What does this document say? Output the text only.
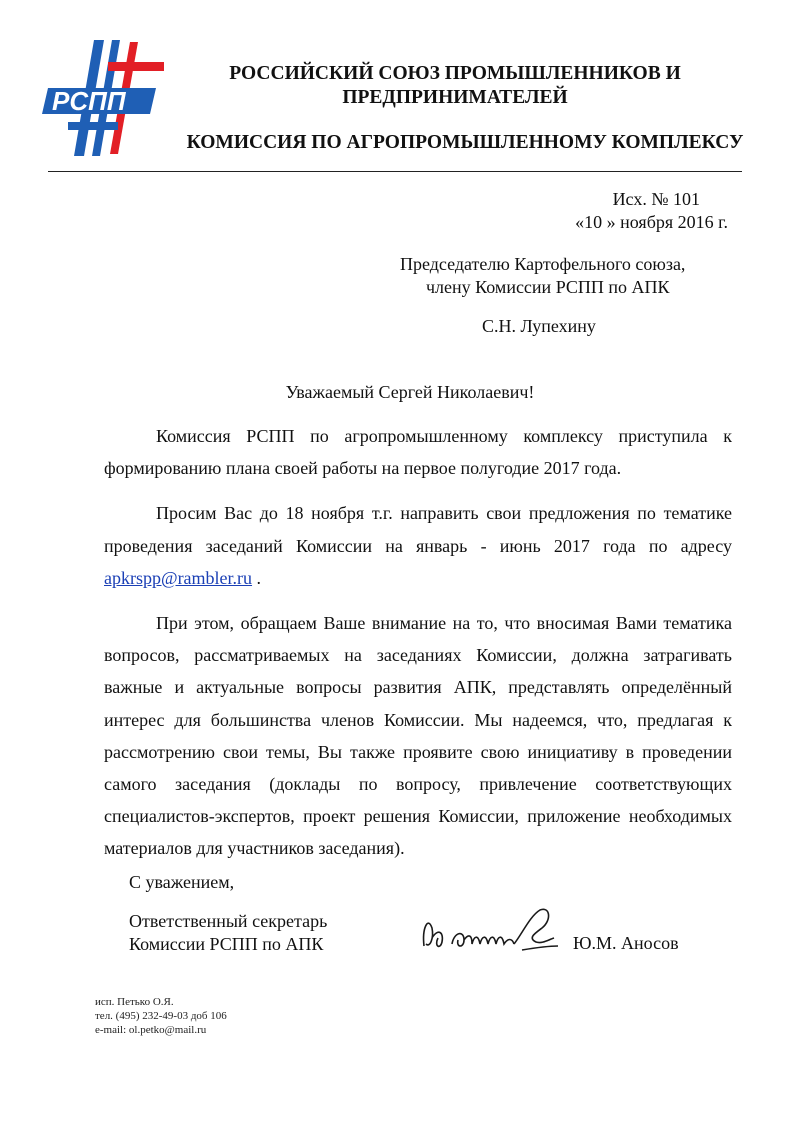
РСПП
РОССИЙСКИЙ СОЮЗ ПРОМЫШЛЕННИКОВ И
ПРЕДПРИНИМАТЕЛЕЙ
КОМИССИЯ ПО АГРОПРОМЫШЛЕННОМУ КОМПЛЕКСУ
Исх. № 101
«10 » ноября 2016 г.
Председателю Картофельного союза,
члену Комиссии РСПП по АПК
С.Н. Лупехину
Уважаемый Сергей Николаевич!

Комиссия РСПП по агропромышленному комплексу приступила к формированию плана своей работы на первое полугодие 2017 года.

Просим Вас до 18 ноября т.г. направить свои предложения по тематике проведения заседаний Комиссии на январь - июнь 2017 года по адресу apkrspp@rambler.ru .

При этом, обращаем Ваше внимание на то, что вносимая Вами тематика вопросов, рассматриваемых на заседаниях Комиссии, должна затрагивать важные и актуальные вопросы развития АПК, представлять определённый интерес для большинства членов Комиссии. Мы надеемся, что, предлагая к рассмотрению свои темы, Вы также проявите свою инициативу в проведении самого заседания (доклады по вопросу, привлечение соответствующих специалистов-экспертов, проект решения Комиссии, приложение необходимых материалов для участников заседания).

С уважением,
Ответственный секретарь
Комиссии РСПП по АПК	Ю.М. Аносов
исп. Петько О.Я.
тел. (495) 232-49-03 доб 106
e-mail: ol.petko@mail.ru
